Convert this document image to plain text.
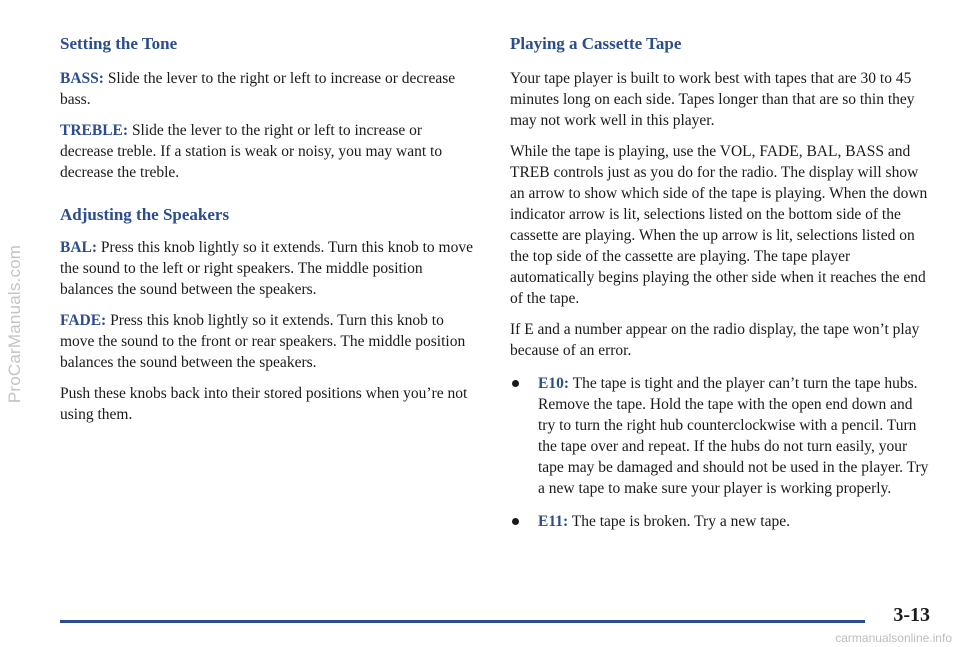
ProCarManuals.com
Setting the Tone

BASS: Slide the lever to the right or left to increase or decrease bass.

TREBLE: Slide the lever to the right or left to increase or decrease treble. If a station is weak or noisy, you may want to decrease the treble.

Adjusting the Speakers

BAL: Press this knob lightly so it extends. Turn this knob to move the sound to the left or right speakers. The middle position balances the sound between the speakers.

FADE: Press this knob lightly so it extends. Turn this knob to move the sound to the front or rear speakers. The middle position balances the sound between the speakers.

Push these knobs back into their stored positions when you’re not using them.

Playing a Cassette Tape

Your tape player is built to work best with tapes that are 30 to 45 minutes long on each side. Tapes longer than that are so thin they may not work well in this player.

While the tape is playing, use the VOL, FADE, BAL, BASS and TREB controls just as you do for the radio. The display will show an arrow to show which side of the tape is playing. When the down indicator arrow is lit, selections listed on the bottom side of the cassette are playing. When the up arrow is lit, selections listed on the top side of the cassette are playing. The tape player automatically begins playing the other side when it reaches the end of the tape.

If E and a number appear on the radio display, the tape won’t play because of an error.

E10: The tape is tight and the player can’t turn the tape hubs. Remove the tape. Hold the tape with the open end down and try to turn the right hub counterclockwise with a pencil. Turn the tape over and repeat. If the hubs do not turn easily, your tape may be damaged and should not be used in the player. Try a new tape to make sure your player is working properly.
E11: The tape is broken. Try a new tape.
3-13
carmanualsonline.info
